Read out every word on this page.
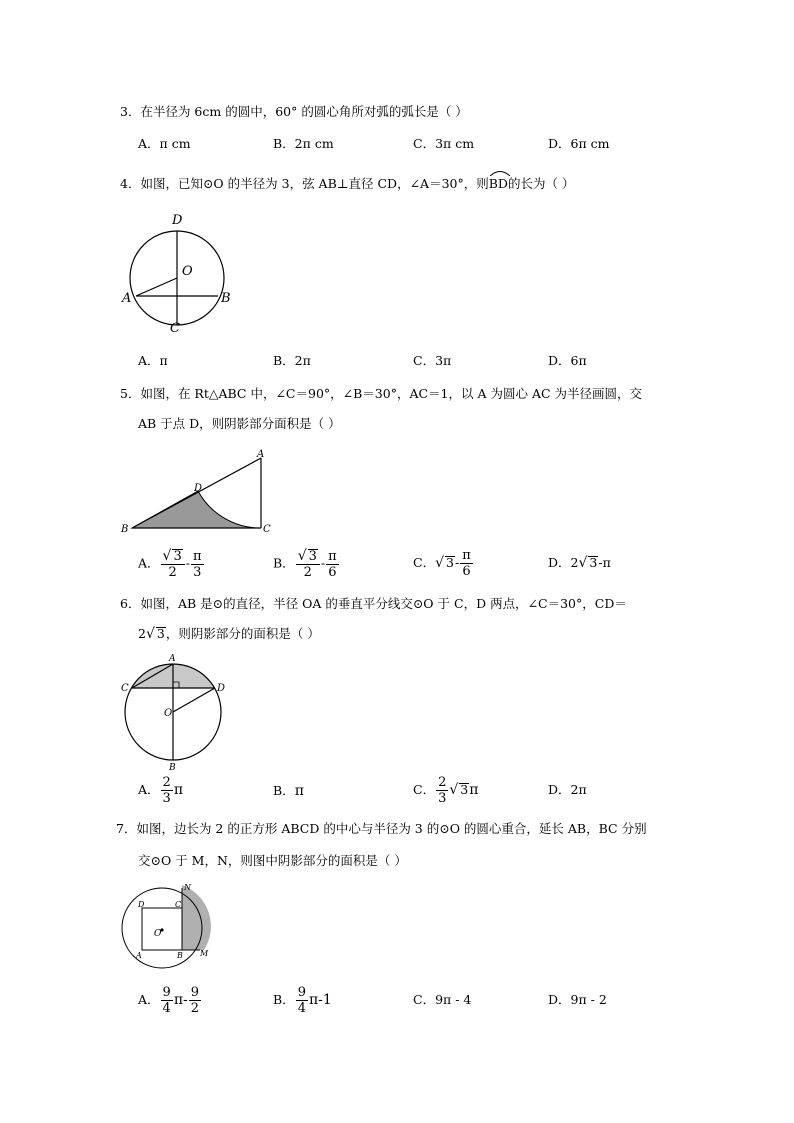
3．在半径为 6cm 的圆中，60° 的圆心角所对弧的弧长是（ ）
A．π cm	B．2π cm	C．3π cm	D．6π cm
4．如图，已知⊙O 的半径为 3，弦 AB⊥直径 CD，∠A＝30°，则
BD的长为（ ）
D
O
A	B
C
A．π	B．2π	C．3π	D．6π
5．如图，在 Rt△ABC 中，∠C＝90°，∠B＝30°，AC＝1，以 A 为圆心 AC 为半径画圆，交
AB 于点 D，则阴影部分面积是（ ）
A
D
B	C
A． $\frac{√ 3}{2} - \frac{\pi}{3}$	B． $\frac{√ 3}{2} - \frac{\pi}{6}$	C．√ $3- \frac{\pi}{6}$	D．2√ 3-π
6．如图，AB 是⊙的直径，半径 OA 的垂直平分线交⊙O 于 C，D 两点，∠C＝30°，CD＝
2√ 3，则阴影部分的面积是（ ）
A
C	D
O
B
A． $\frac{2}{3}$ π	B．π	C． $\frac{2}{3}$ √ 3π	D．2π
7．如图，边长为 2 的正方形 ABCD 的中心与半径为 3 的⊙O 的圆心重合，延长 AB，BC 分别
交⊙O 于 M，N，则图中阴影部分的面积是（ ）
N
D	C
O
A	B M
A． $\frac{9}{4} \pi- \frac{9}{2}$	B． $\frac{9}{4} \pi-1$	C．9π - 4	D．9π - 2
